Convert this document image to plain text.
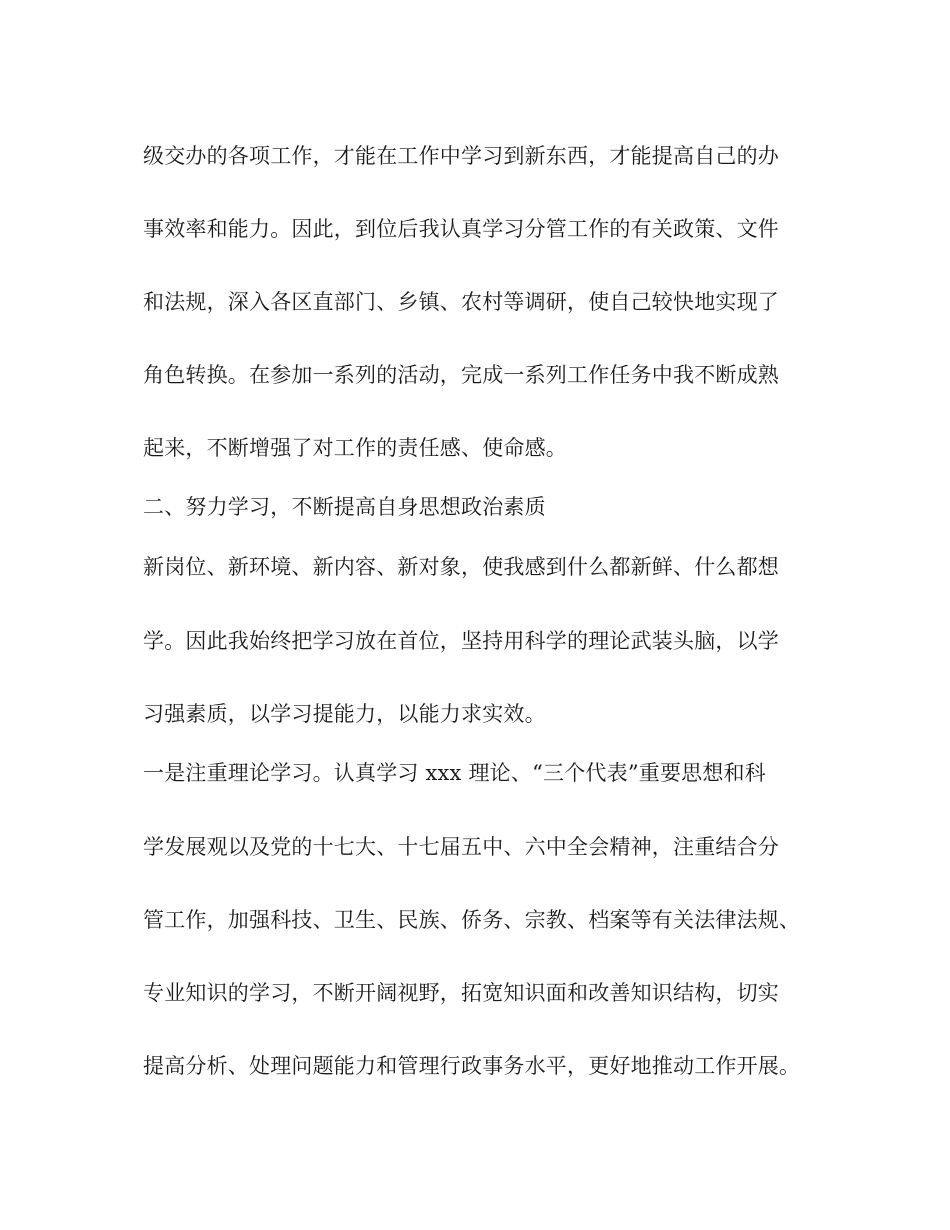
级交办的各项工作，才能在工作中学习到新东西，才能提高自己的办
事效率和能力。因此，到位后我认真学习分管工作的有关政策、文件
和法规，深入各区直部门、乡镇、农村等调研，使自己较快地实现了
角色转换。在参加一系列的活动，完成一系列工作任务中我不断成熟
起来，不断增强了对工作的责任感、使命感。
二、努力学习，不断提高自身思想政治素质
新岗位、新环境、新内容、新对象，使我感到什么都新鲜、什么都想
学。因此我始终把学习放在首位，坚持用科学的理论武装头脑，以学
习强素质，以学习提能力，以能力求实效。
一是注重理论学习。认真学习 xxx 理论、“三个代表”重要思想和科
学发展观以及党的十七大、十七届五中、六中全会精神，注重结合分
管工作，加强科技、卫生、民族、侨务、宗教、档案等有关法律法规、
专业知识的学习，不断开阔视野，拓宽知识面和改善知识结构，切实
提高分析、处理问题能力和管理行政事务水平，更好地推动工作开展。
